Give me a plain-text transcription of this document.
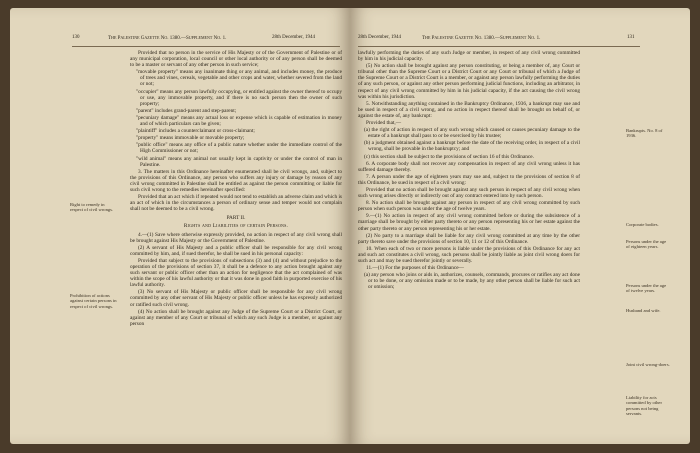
130	The Palestine Gazette No. 1380.—Supplement No. 1.	28th December, 1944
Right to remedy in respect of civil wrongs.
Prohibition of actions against certain persons in respect of civil wrongs.

Provided that no person in the service of His Majesty or of the Government of Palestine or of any municipal corporation, local council or other local authority or of any person shall be deemed to be a master or servant of any other person in such service;

"movable property" means any inanimate thing or any animal, and includes money, the produce of trees and vines, cereals, vegetable and other crops and water, whether severed from the land or not;

"occupier" means any person lawfully occupying, or entitled against the owner thereof to occupy or use, any immovable property, and if there is no such person then the owner of such property;

"parent" includes grand-parent and step-parent;

"pecuniary damage" means any actual loss or expense which is capable of estimation in money and of which particulars can be given;

"plaintiff" includes a counterclaimant or cross-claimant;

"property" means immovable or movable property;

"public office" means any office of a public nature whether under the immediate control of the High Commissioner or not;

"wild animal" means any animal not usually kept in captivity or under the control of man in Palestine.

3. The matters in this Ordinance hereinafter enumerated shall be civil wrongs, and, subject to the provisions of this Ordinance, any person who suffers any injury or damage by reason of any civil wrong committed in Palestine shall be entitled as against the person committing or liable for such civil wrong to the remedies hereinafter specified:

Provided that an act which if repeated would not tend to establish an adverse claim and which is an act of which in the circumstances a person of ordinary sense and temper would not complain shall not be deemed to be a civil wrong.

PART II.

Rights and Liabilities of certain Persons.

4.—(1) Save where otherwise expressly provided, no action in respect of any civil wrong shall be brought against His Majesty or the Government of Palestine.

(2) A servant of His Majesty and a public officer shall be responsible for any civil wrong committed by him, and, if sued therefor, he shall be sued in his personal capacity:

Provided that subject to the provisions of subsections (3) and (4) and without prejudice to the operation of the provisions of section 37, it shall be a defence to any action brought against any such servant or public officer other than an action for negligence that the act complained of was within the scope of his lawful authority or that it was done in good faith in purported exercise of his lawful authority.

(3) No servant of His Majesty or public officer shall be responsible for any civil wrong committed by any other servant of His Majesty or public officer unless he has expressly authorized or ratified such civil wrong.

(4) No action shall be brought against any Judge of the Supreme Court or a District Court, or against any member of any Court or tribunal of which any such Judge is a member, or against any person

28th December, 1944	The Palestine Gazette No. 1380.—Supplement No. 1.	131

lawfully performing the duties of any such Judge or member, in respect of any civil wrong committed by him in his judicial capacity.

(5) No action shall be brought against any person constituting, or being a member of, any Court or tribunal other than the Supreme Court or a District Court or any Court or tribunal of which a Judge of the Supreme Court or a District Court is a member, or against any person lawfully performing the duties of any such person, or against any other person performing judicial functions, including an arbitrator, in respect of any civil wrong committed by him in his judicial capacity, if the act causing the civil wrong was within his jurisdiction.

5. Notwithstanding anything contained in the Bankruptcy Ordinance, 1936, a bankrupt may sue and be sued in respect of a civil wrong, and no action in respect thereof shall be brought on behalf of, or against the estate of, any bankrupt:

Provided that,—

(a) the right of action in respect of any such wrong which caused or causes pecuniary damage to the estate of a bankrupt shall pass to or be exercised by his trustee;

(b) a judgment obtained against a bankrupt before the date of the receiving order, in respect of a civil wrong, shall be provable in the bankruptcy; and

(c) this section shall be subject to the provisions of section 16 of this Ordinance.

6. A corporate body shall not recover any compensation in respect of any civil wrong unless it has suffered damage thereby.

7. A person under the age of eighteen years may sue and, subject to the provisions of section 8 of this Ordinance, be sued in respect of a civil wrong:

Provided that no action shall be brought against any such person in respect of any civil wrong when such wrong arises directly or indirectly out of any contract entered into by such person.

8. No action shall be brought against any person in respect of any civil wrong committed by such person when such person was under the age of twelve years.

9.—(1) No action in respect of any civil wrong committed before or during the subsistence of a marriage shall be brought by either party thereto or any person representing his or her estate against the other party thereto or any person representing his or her estate.

(2) No party to a marriage shall be liable for any civil wrong committed at any time by the other party thereto save under the provisions of section 10, 11 or 12 of this Ordinance.

10. When each of two or more persons is liable under the provisions of this Ordinance for any act and such act constitutes a civil wrong, such persons shall be jointly liable as joint civil wrong doers for such act and may be sued therefor jointly or severally.

11.—(1) For the purposes of this Ordinance—

(a) any person who joins or aids in, authorizes, counsels, commands, procures or ratifies any act done or to be done, or any omission made or to be made, by any other person shall be liable for such act or omission;

Bankrupts. No. 8 of 1936.
Corporate bodies.
Persons under the age of eighteen years.
Persons under the age of twelve years.
Husband and wife.
Joint civil wrong-doers.
Liability for acts committed by other persons not being servants.
